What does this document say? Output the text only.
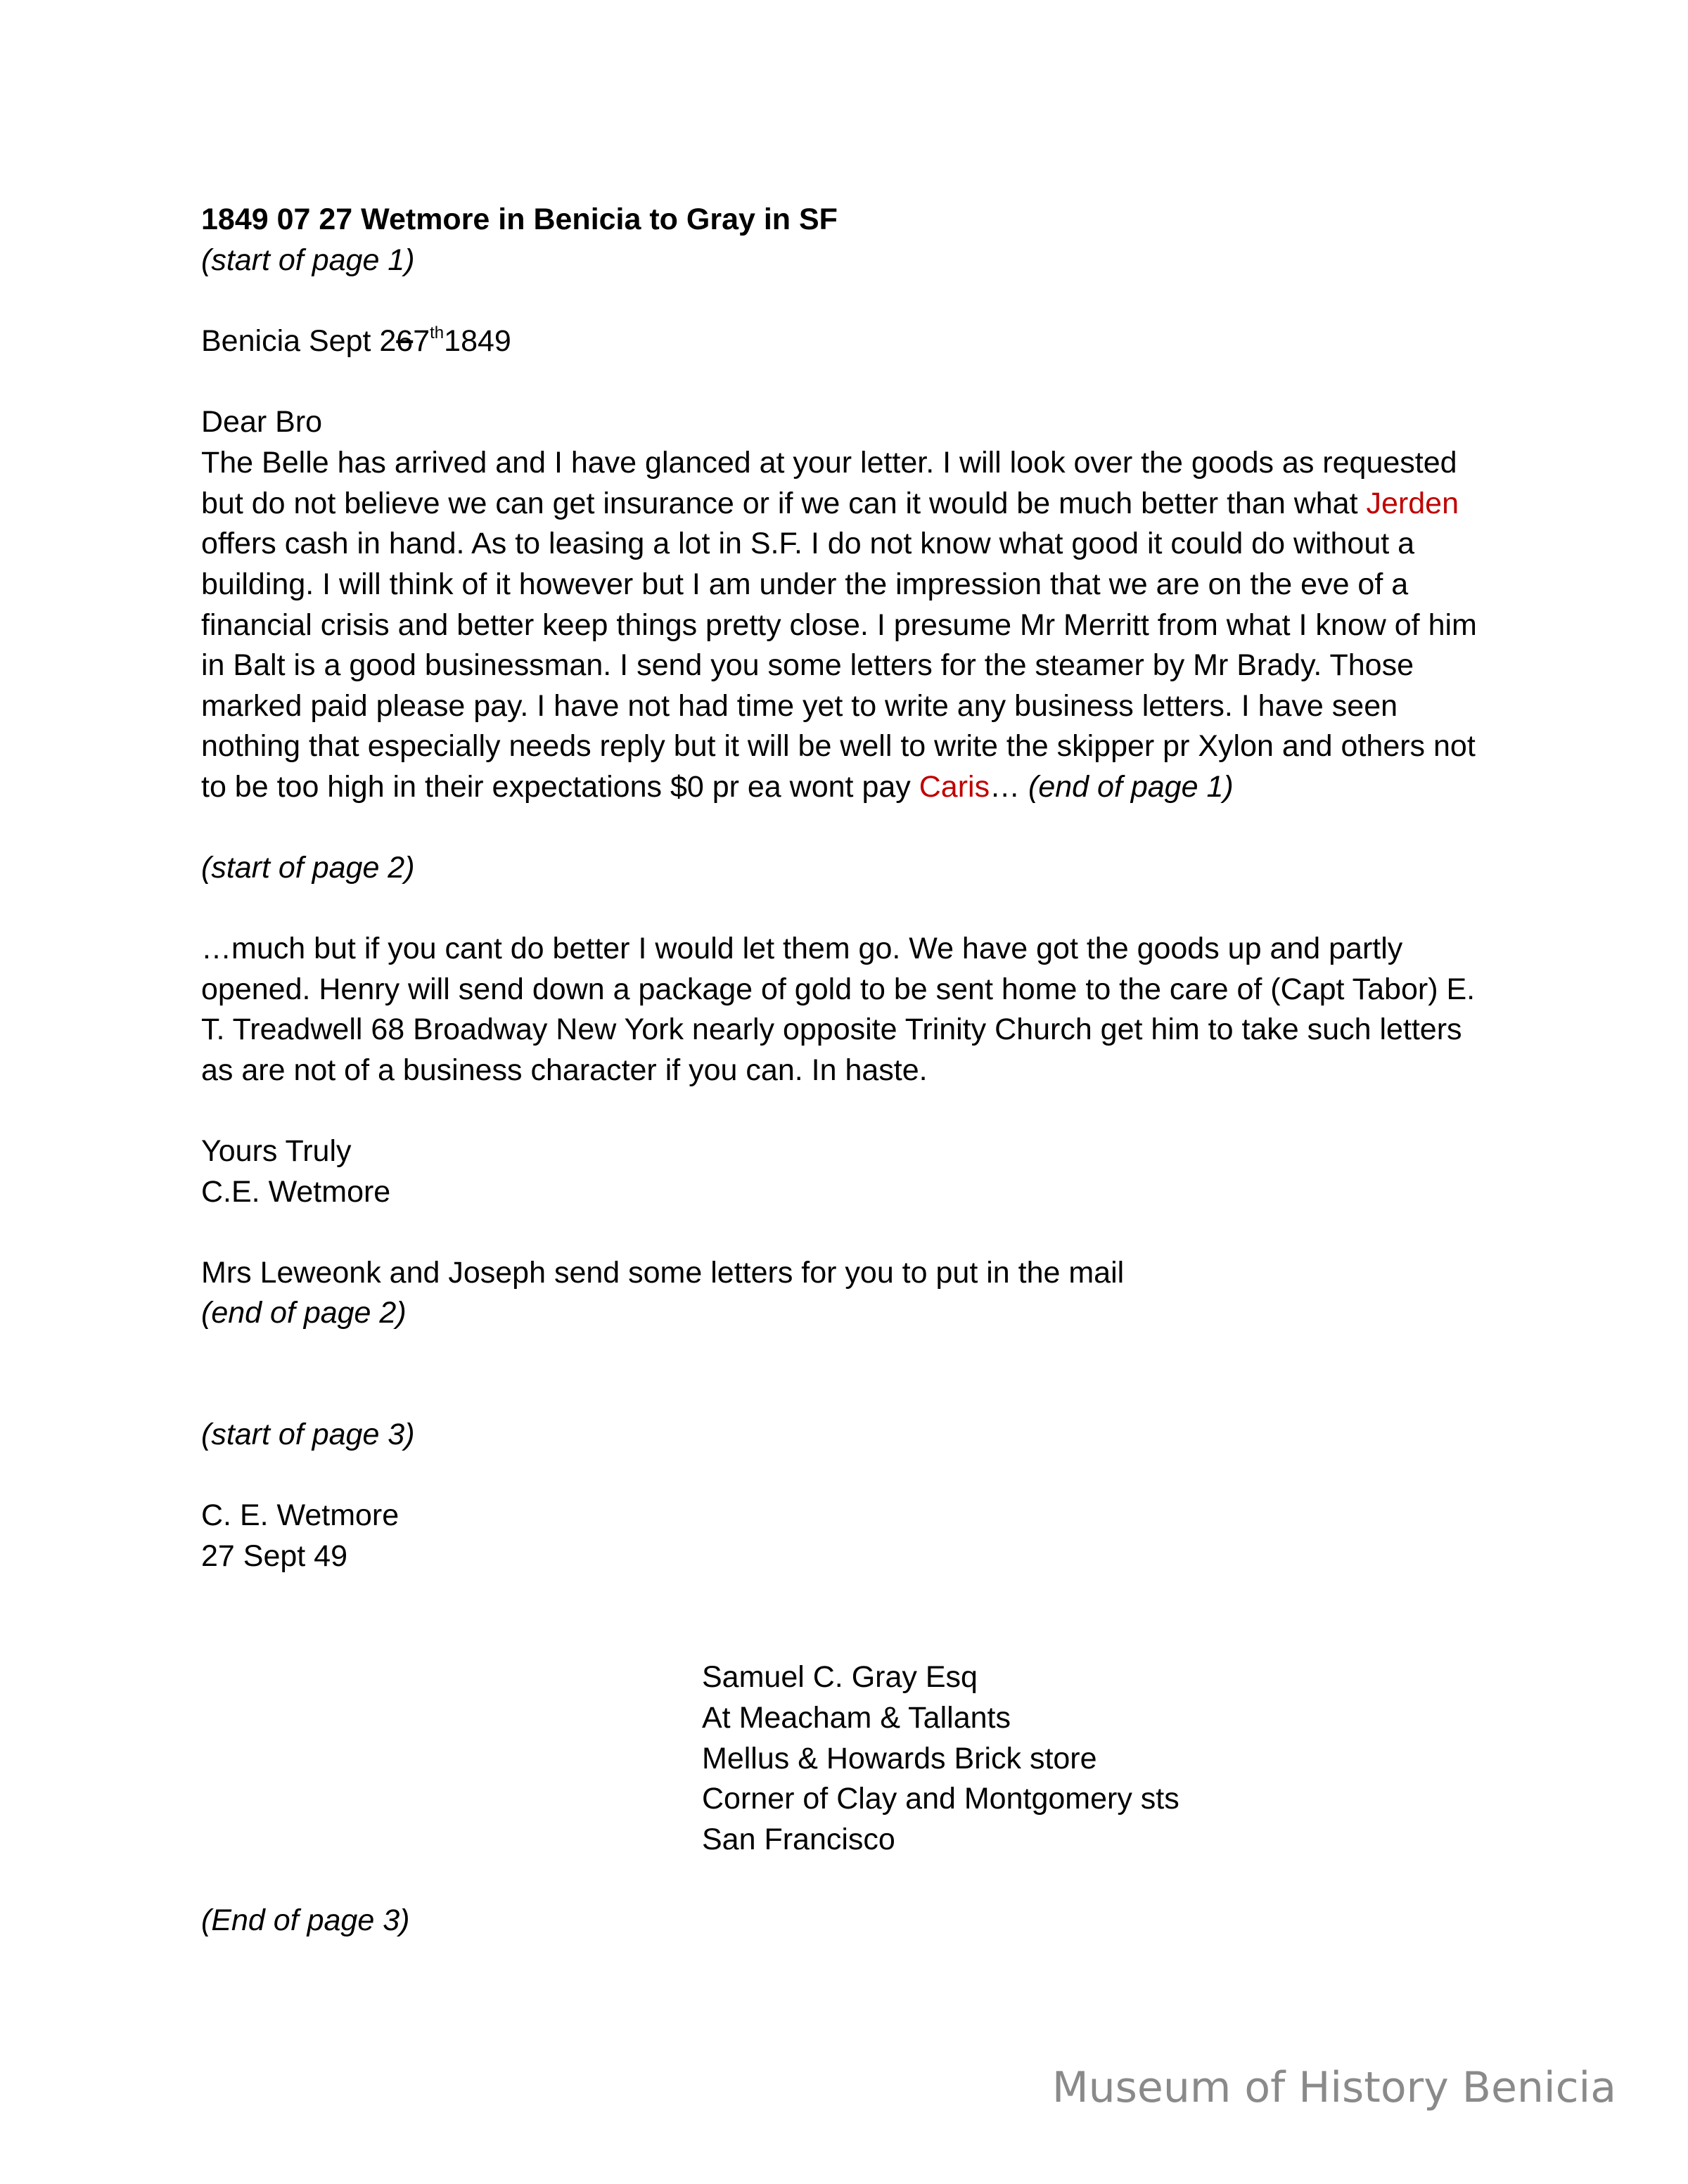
1849 07 27 Wetmore in Benicia to Gray in SF
(start of page 1)
Benicia Sept 267th1849
Dear Bro
The Belle has arrived and I have glanced at your letter. I will look over the goods as requested
but do not believe we can get insurance or if we can it would be much better than what Jerden
offers cash in hand. As to leasing a lot in S.F. I do not know what good it could do without a
building. I will think of it however but I am under the impression that we are on the eve of a
financial crisis and better keep things pretty close. I presume Mr Merritt from what I know of him
in Balt is a good businessman. I send you some letters for the steamer by Mr Brady. Those
marked paid please pay. I have not had time yet to write any business letters. I have seen
nothing that especially needs reply but it will be well to write the skipper pr Xylon and others not
to be too high in their expectations $0 pr ea wont pay Caris… (end of page 1)
(start of page 2)
…much but if you cant do better I would let them go. We have got the goods up and partly
opened. Henry will send down a package of gold to be sent home to the care of (Capt Tabor) E.
T. Treadwell 68 Broadway New York nearly opposite Trinity Church get him to take such letters
as are not of a business character if you can. In haste.
Yours Truly
C.E. Wetmore
Mrs Leweonk and Joseph send some letters for you to put in the mail
(end of page 2)
(start of page 3)
C. E. Wetmore
27 Sept 49
Samuel C. Gray Esq
At Meacham & Tallants
Mellus & Howards Brick store
Corner of Clay and Montgomery sts
San Francisco
(End of page 3)
Museum of History Benicia
